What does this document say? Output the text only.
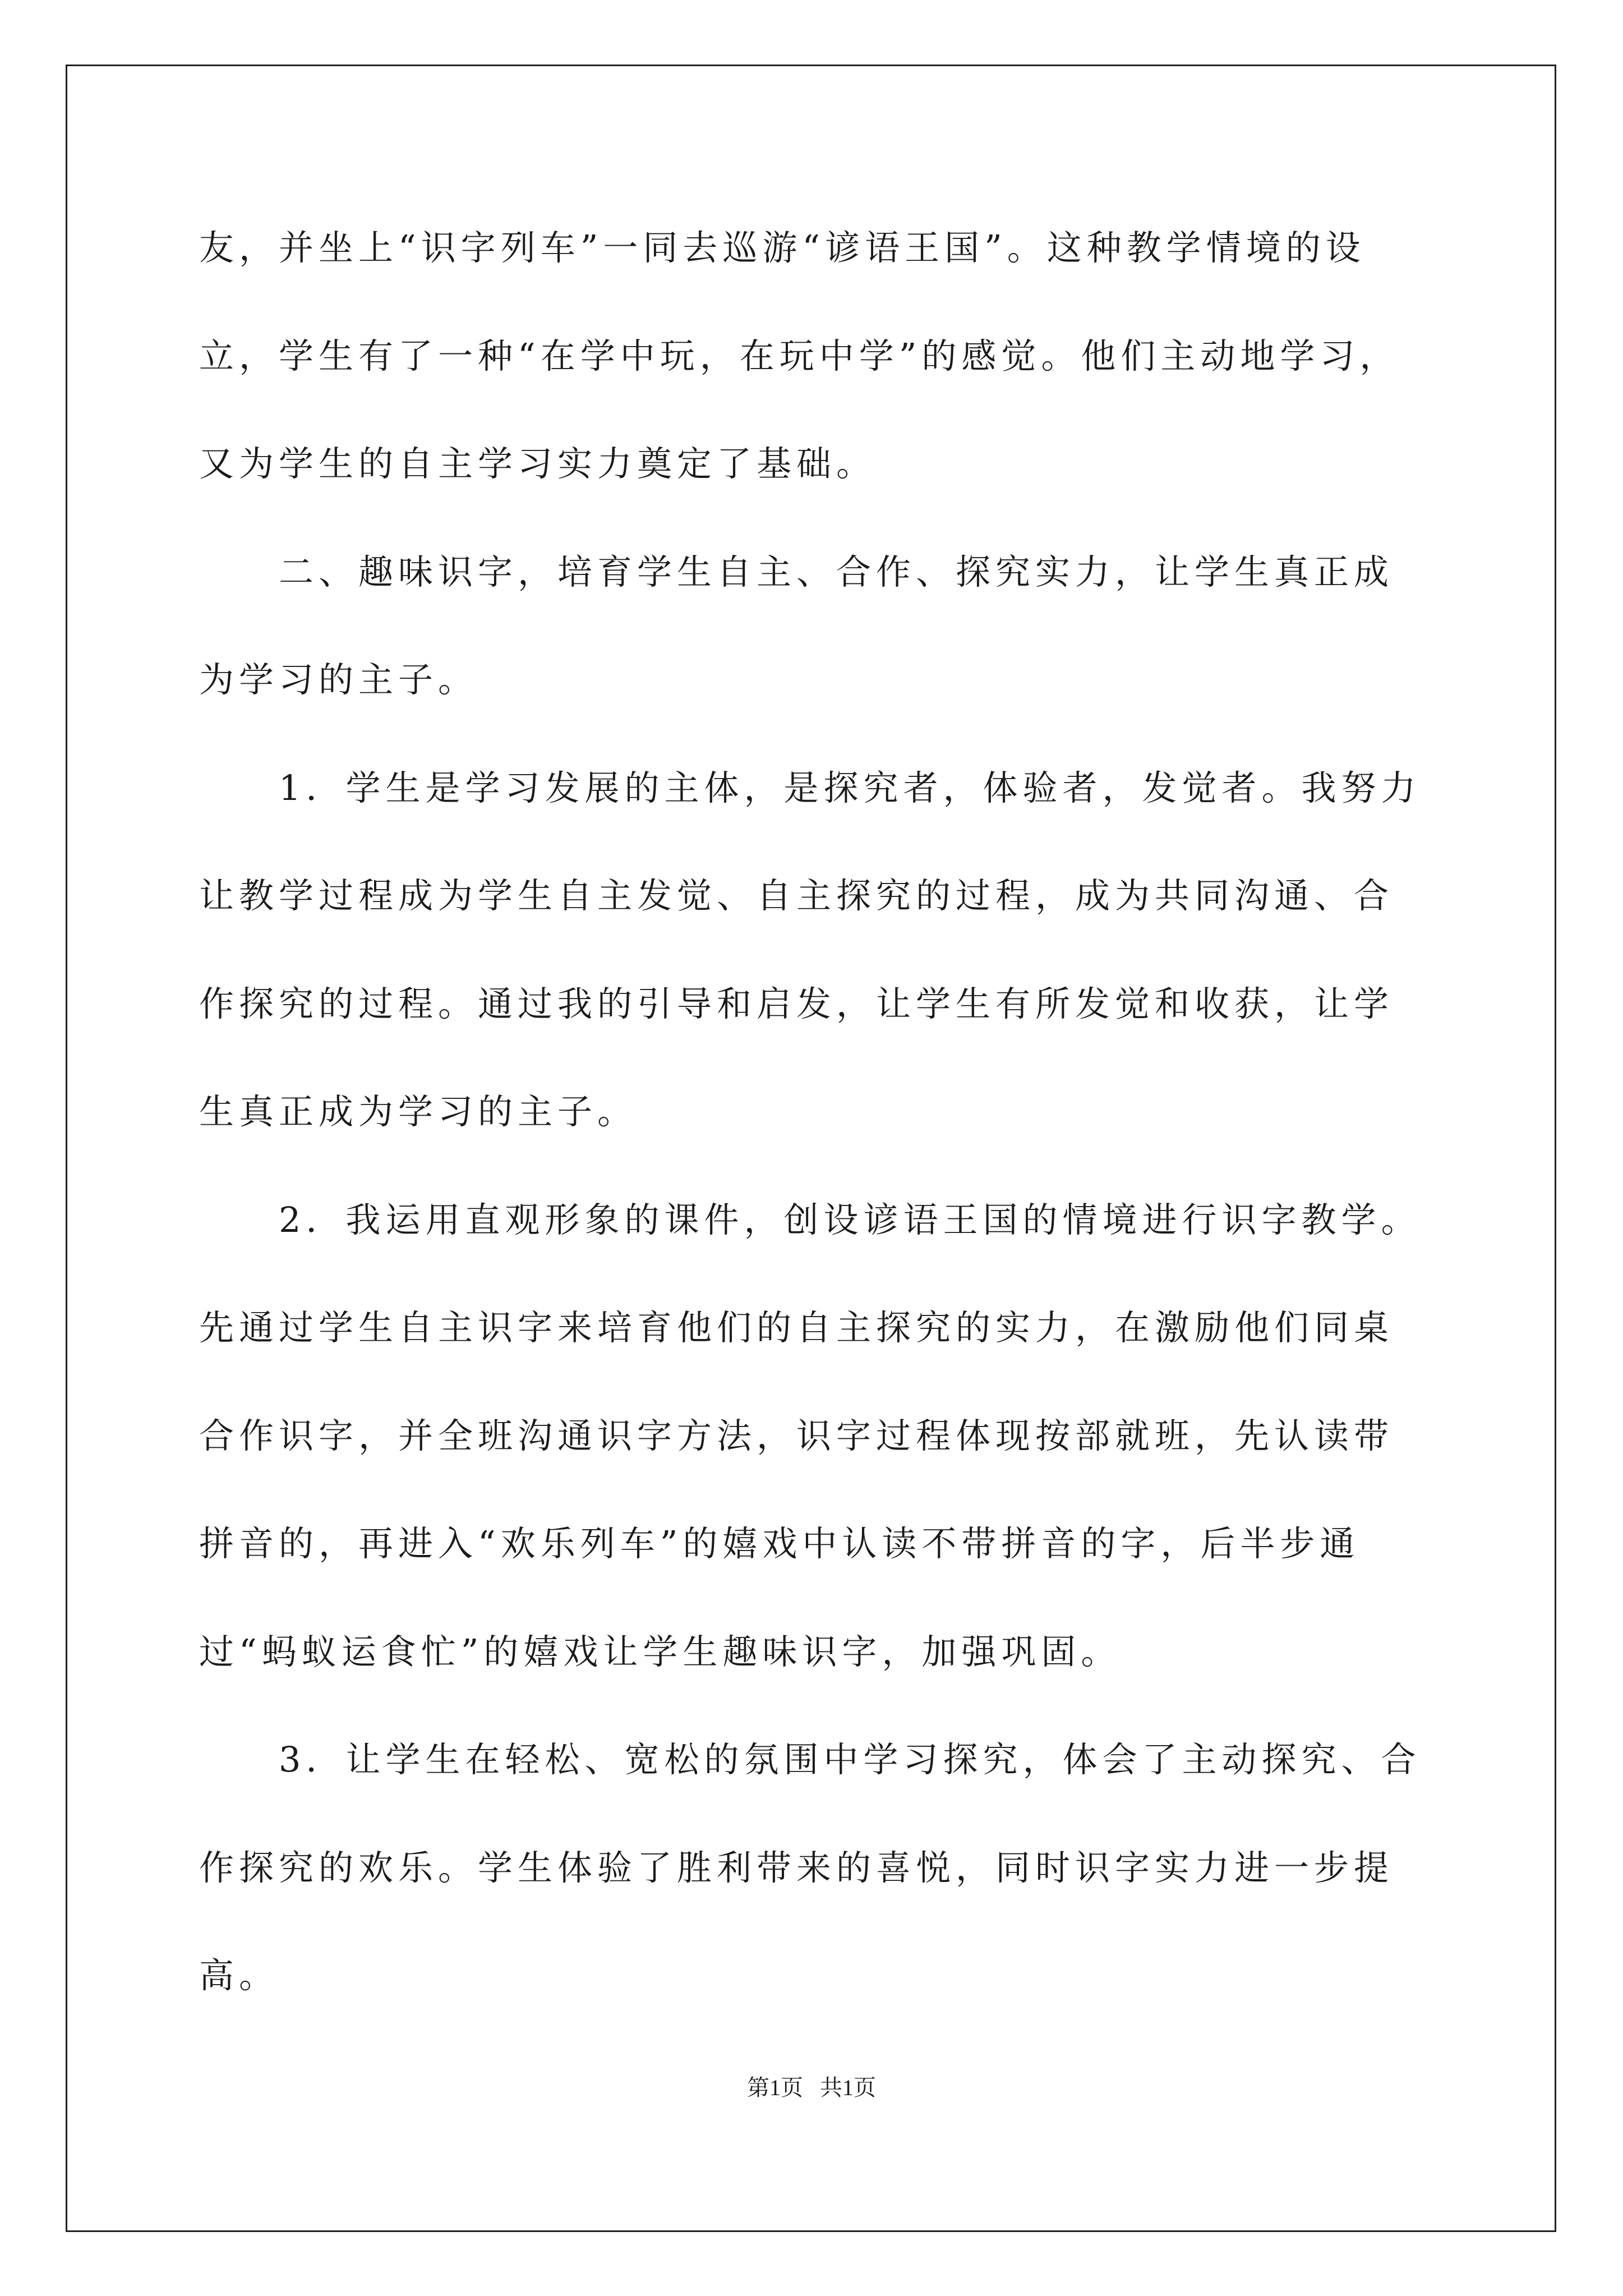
友，并坐上“识字列车”一同去巡游“谚语王国”。这种教学情境的设
立，学生有了一种“在学中玩，在玩中学”的感觉。他们主动地学习，
又为学生的自主学习实力奠定了基础。
二、趣味识字，培育学生自主、合作、探究实力，让学生真正成
为学习的主子。
1．学生是学习发展的主体，是探究者，体验者，发觉者。我努力
让教学过程成为学生自主发觉、自主探究的过程，成为共同沟通、合
作探究的过程。通过我的引导和启发，让学生有所发觉和收获，让学
生真正成为学习的主子。
2．我运用直观形象的课件，创设谚语王国的情境进行识字教学。
先通过学生自主识字来培育他们的自主探究的实力，在激励他们同桌
合作识字，并全班沟通识字方法，识字过程体现按部就班，先认读带
拼音的，再进入“欢乐列车”的嬉戏中认读不带拼音的字，后半步通
过“蚂蚁运食忙”的嬉戏让学生趣味识字，加强巩固。
3．让学生在轻松、宽松的氛围中学习探究，体会了主动探究、合
作探究的欢乐。学生体验了胜利带来的喜悦，同时识字实力进一步提
高。
第1页 共1页
